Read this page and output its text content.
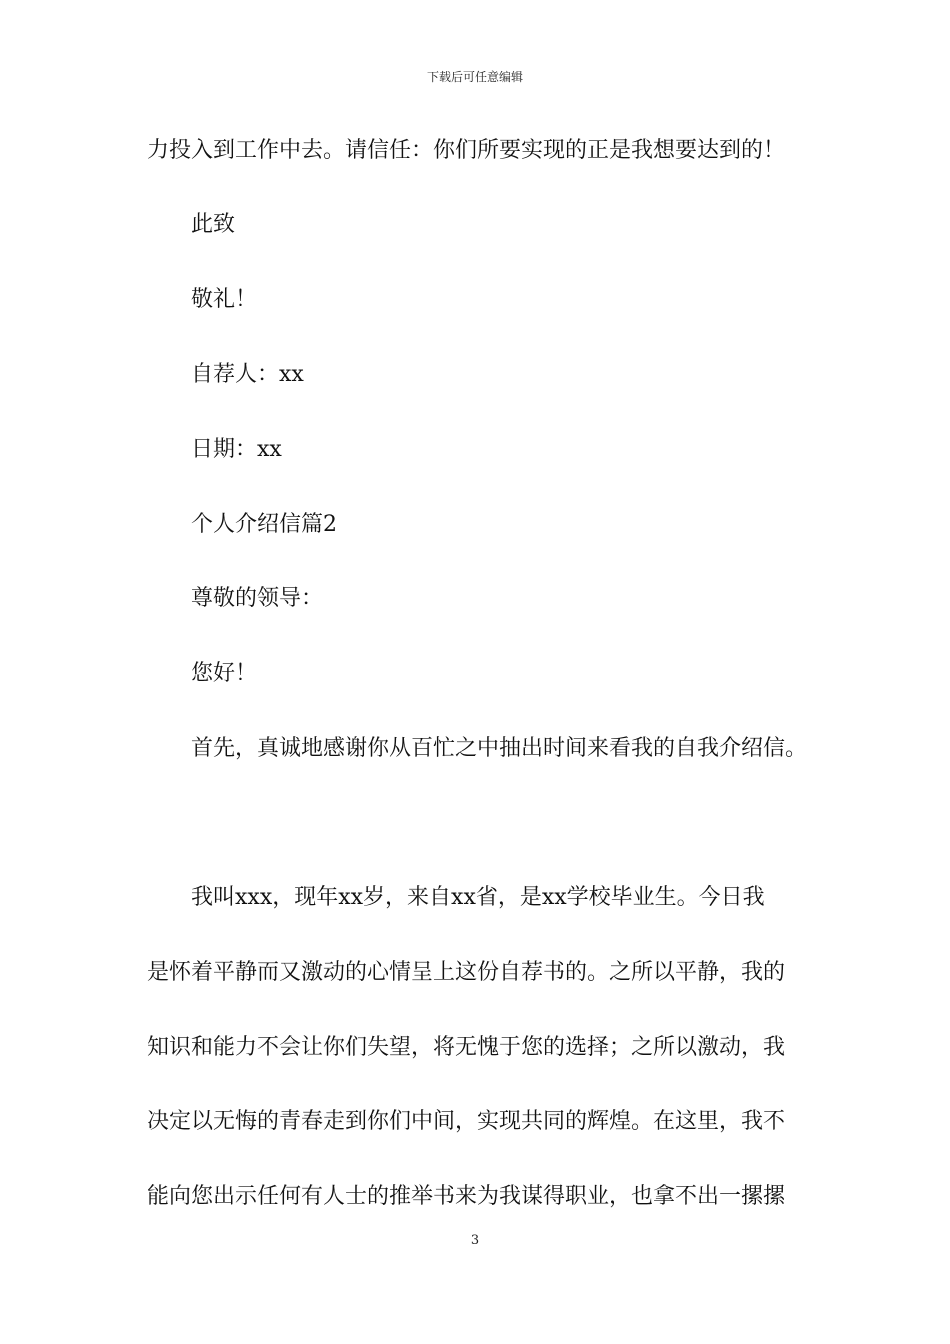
下载后可任意编辑
力投入到工作中去。请信任：你们所要实现的正是我想要达到的！
此致
敬礼！
自荐人：xx
日期：xx
个人介绍信篇2
尊敬的领导：
您好！
首先，真诚地感谢你从百忙之中抽出时间来看我的自我介绍信。
我叫xxx，现年xx岁，来自xx省，是xx学校毕业生。今日我
是怀着平静而又激动的心情呈上这份自荐书的。之所以平静，我的
知识和能力不会让你们失望，将无愧于您的选择；之所以激动，我
决定以无悔的青春走到你们中间，实现共同的辉煌。在这里，我不
能向您出示任何有人士的推举书来为我谋得职业，也拿不出一摞摞
3
